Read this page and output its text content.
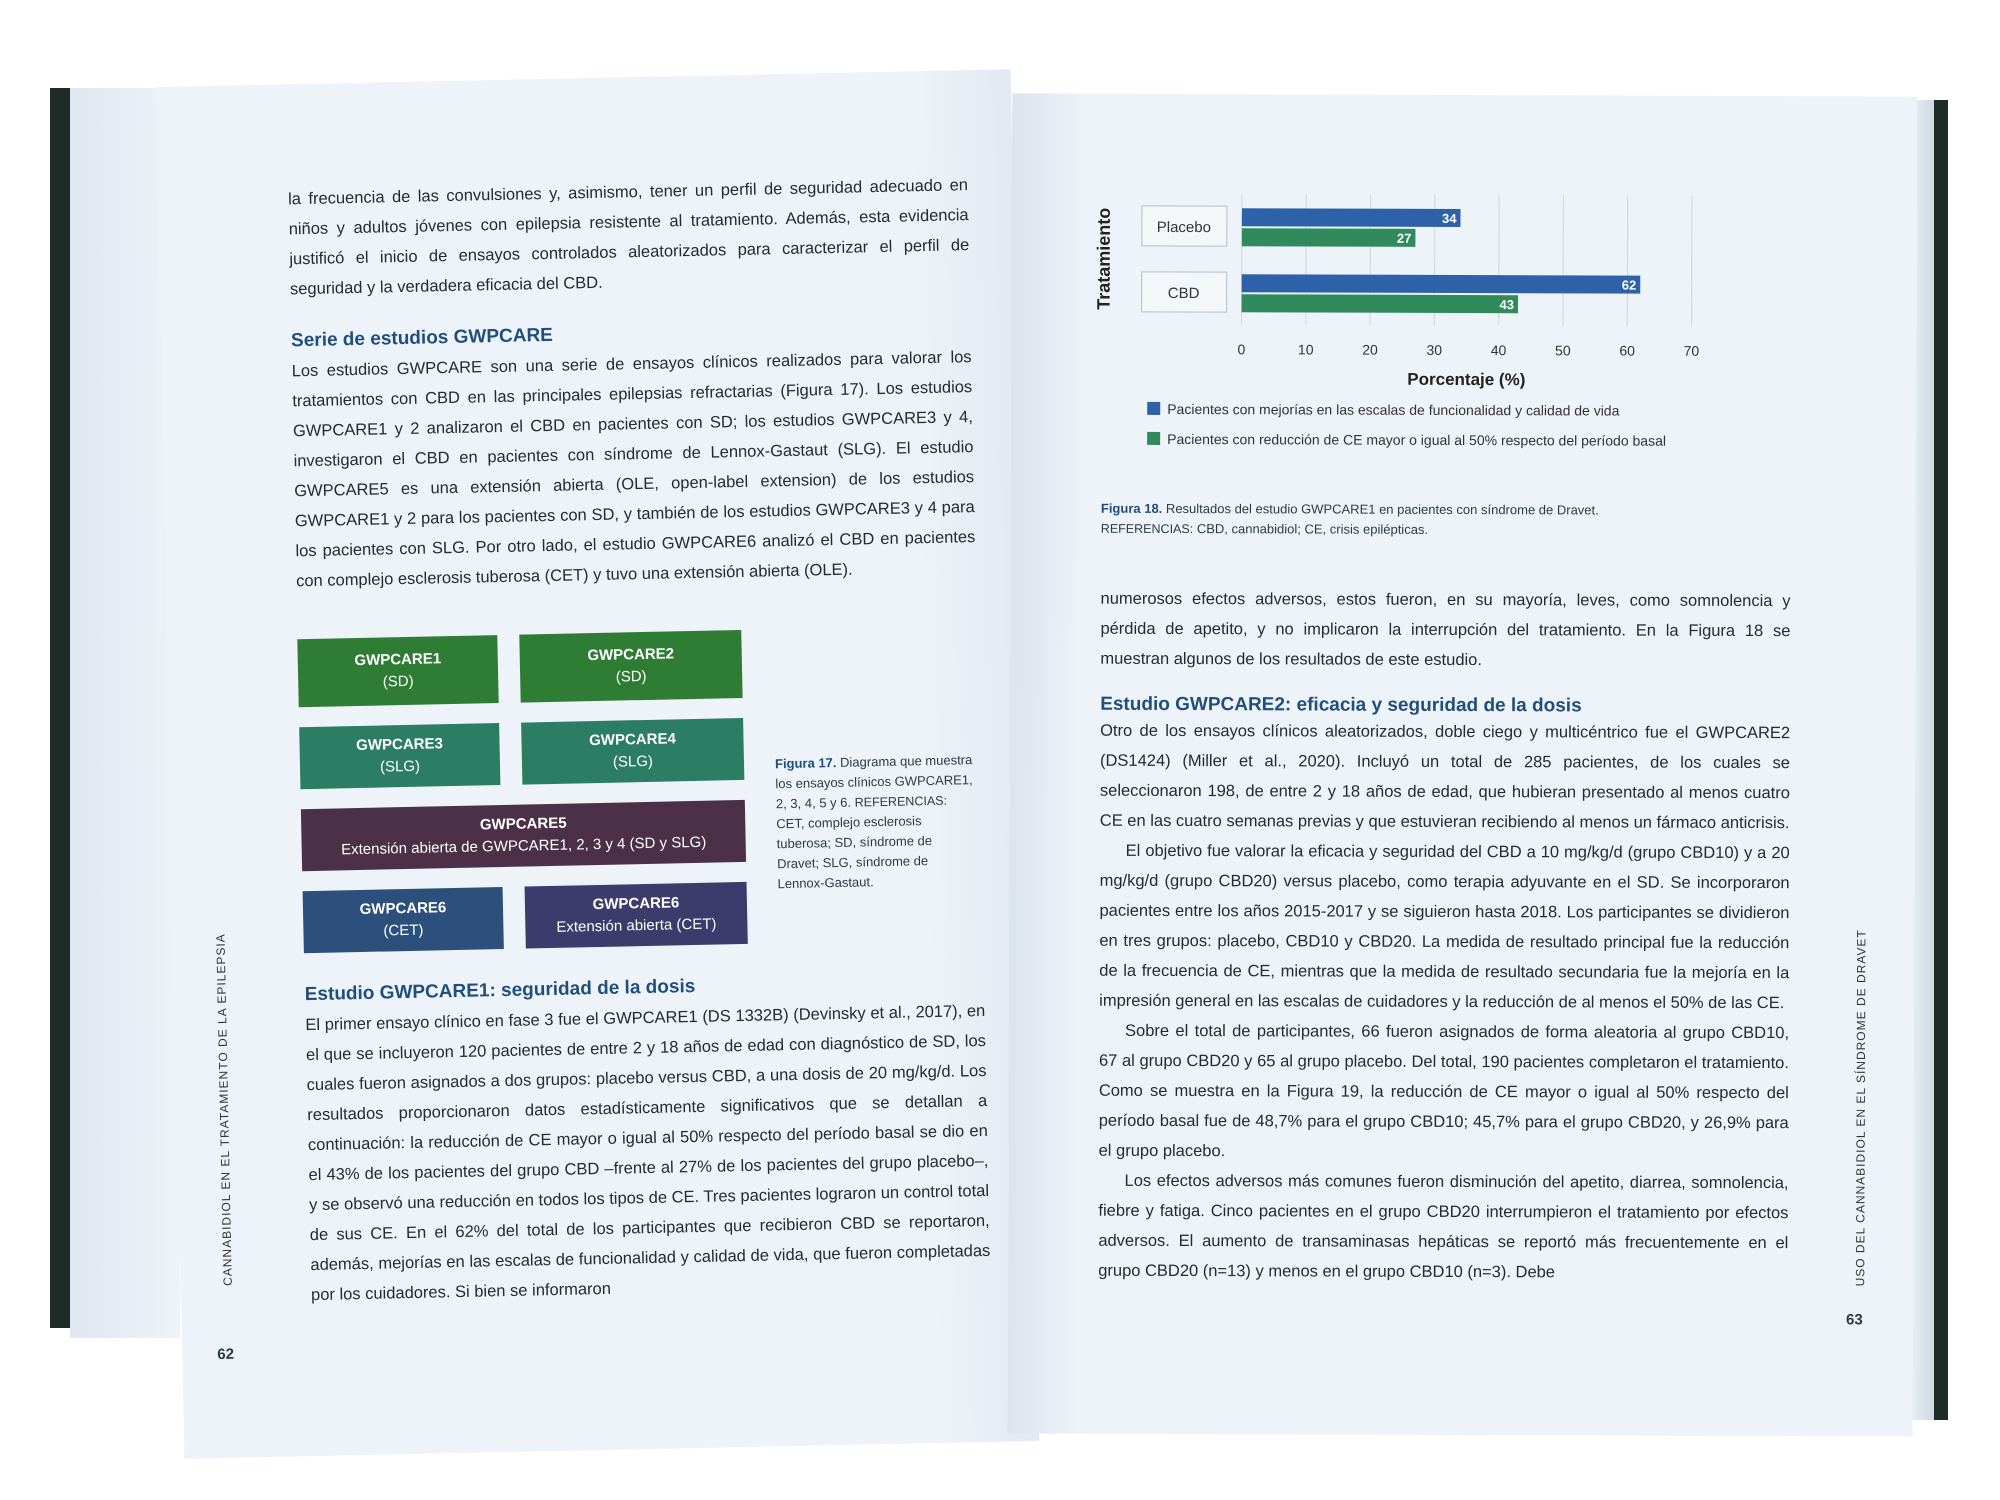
la frecuencia de las convulsiones y, asimismo, tener un perfil de seguridad adecuado en niños y adultos jóvenes con epilepsia resistente al tratamiento. Además, esta evidencia justificó el inicio de ensayos controlados aleatorizados para caracterizar el perfil de seguridad y la verdadera eficacia del CBD.

Serie de estudios GWPCARE

Los estudios GWPCARE son una serie de ensayos clínicos realizados para valorar los tratamientos con CBD en las principales epilepsias refractarias (Figura 17). Los estudios GWPCARE1 y 2 analizaron el CBD en pacientes con SD; los estudios GWPCARE3 y 4, investigaron el CBD en pacientes con síndrome de Lennox-Gastaut (SLG). El estudio GWPCARE5 es una extensión abierta (OLE, open-label extension) de los estudios GWPCARE1 y 2 para los pacientes con SD, y también de los estudios GWPCARE3 y 4 para los pacientes con SLG. Por otro lado, el estudio GWPCARE6 analizó el CBD en pacientes con complejo esclerosis tuberosa (CET) y tuvo una extensión abierta (OLE).

GWPCARE1
(SD)
GWPCARE2
(SD)
GWPCARE3
(SLG)
GWPCARE4
(SLG)
GWPCARE5
Extensión abierta de GWPCARE1, 2, 3 y 4 (SD y SLG)
GWPCARE6
(CET)
GWPCARE6
Extensión abierta (CET)
Figura 17. Diagrama que muestra los ensayos clínicos GWPCARE1, 2, 3, 4, 5 y 6. REFERENCIAS: CET, complejo esclerosis tuberosa; SD, síndrome de Dravet; SLG, síndrome de Lennox-Gastaut.
Estudio GWPCARE1: seguridad de la dosis

El primer ensayo clínico en fase 3 fue el GWPCARE1 (DS 1332B) (Devinsky et al., 2017), en el que se incluyeron 120 pacientes de entre 2 y 18 años de edad con diagnóstico de SD, los cuales fueron asignados a dos grupos: placebo versus CBD, a una dosis de 20 mg/kg/d. Los resultados proporcionaron datos estadísticamente significativos que se detallan a continuación: la reducción de CE mayor o igual al 50% respecto del período basal se dio en el 43% de los pacientes del grupo CBD –frente al 27% de los pacientes del grupo placebo–, y se observó una reducción en todos los tipos de CE. Tres pacientes lograron un control total de sus CE. En el 62% del total de los participantes que recibieron CBD se reportaron, además, mejorías en las escalas de funcionalidad y calidad de vida, que fueron completadas por los cuidadores. Si bien se informaron

CANNABIDIOL EN EL TRATAMIENTO DE LA EPILEPSIA
62
0	10	20	30	40	50	60	70
Tratamiento	Placebo
34
27
CBD	62
43
Porcentaje (%)
Pacientes con mejorías en las escalas de funcionalidad y calidad de vida
Pacientes con reducción de CE mayor o igual al 50% respecto del período basal
Figura 18. Resultados del estudio GWPCARE1 en pacientes con síndrome de Dravet.
REFERENCIAS: CBD, cannabidiol; CE, crisis epilépticas.

numerosos efectos adversos, estos fueron, en su mayoría, leves, como somnolencia y pérdida de apetito, y no implicaron la interrupción del tratamiento. En la Figura 18 se muestran algunos de los resultados de este estudio.

Estudio GWPCARE2: eficacia y seguridad de la dosis

Otro de los ensayos clínicos aleatorizados, doble ciego y multicéntrico fue el GWPCARE2 (DS1424) (Miller et al., 2020). Incluyó un total de 285 pacientes, de los cuales se seleccionaron 198, de entre 2 y 18 años de edad, que hubieran presentado al menos cuatro CE en las cuatro semanas previas y que estuvieran recibiendo al menos un fármaco anticrisis.

El objetivo fue valorar la eficacia y seguridad del CBD a 10 mg/kg/d (grupo CBD10) y a 20 mg/kg/d (grupo CBD20) versus placebo, como terapia adyuvante en el SD. Se incorporaron pacientes entre los años 2015-2017 y se siguieron hasta 2018. Los participantes se dividieron en tres grupos: placebo, CBD10 y CBD20. La medida de resultado principal fue la reducción de la frecuencia de CE, mientras que la medida de resultado secundaria fue la mejoría en la impresión general en las escalas de cuidadores y la reducción de al menos el 50% de las CE.

Sobre el total de participantes, 66 fueron asignados de forma aleatoria al grupo CBD10, 67 al grupo CBD20 y 65 al grupo placebo. Del total, 190 pacientes completaron el tratamiento. Como se muestra en la Figura 19, la reducción de CE mayor o igual al 50% respecto del período basal fue de 48,7% para el grupo CBD10; 45,7% para el grupo CBD20, y 26,9% para el grupo placebo.

Los efectos adversos más comunes fueron disminución del apetito, diarrea, somnolencia, fiebre y fatiga. Cinco pacientes en el grupo CBD20 interrumpieron el tratamiento por efectos adversos. El aumento de transaminasas hepáticas se reportó más frecuentemente en el grupo CBD20 (n=13) y menos en el grupo CBD10 (n=3). Debe	USO DEL CANNABIDIOL EN EL SÍNDROME DE DRAVET
63
